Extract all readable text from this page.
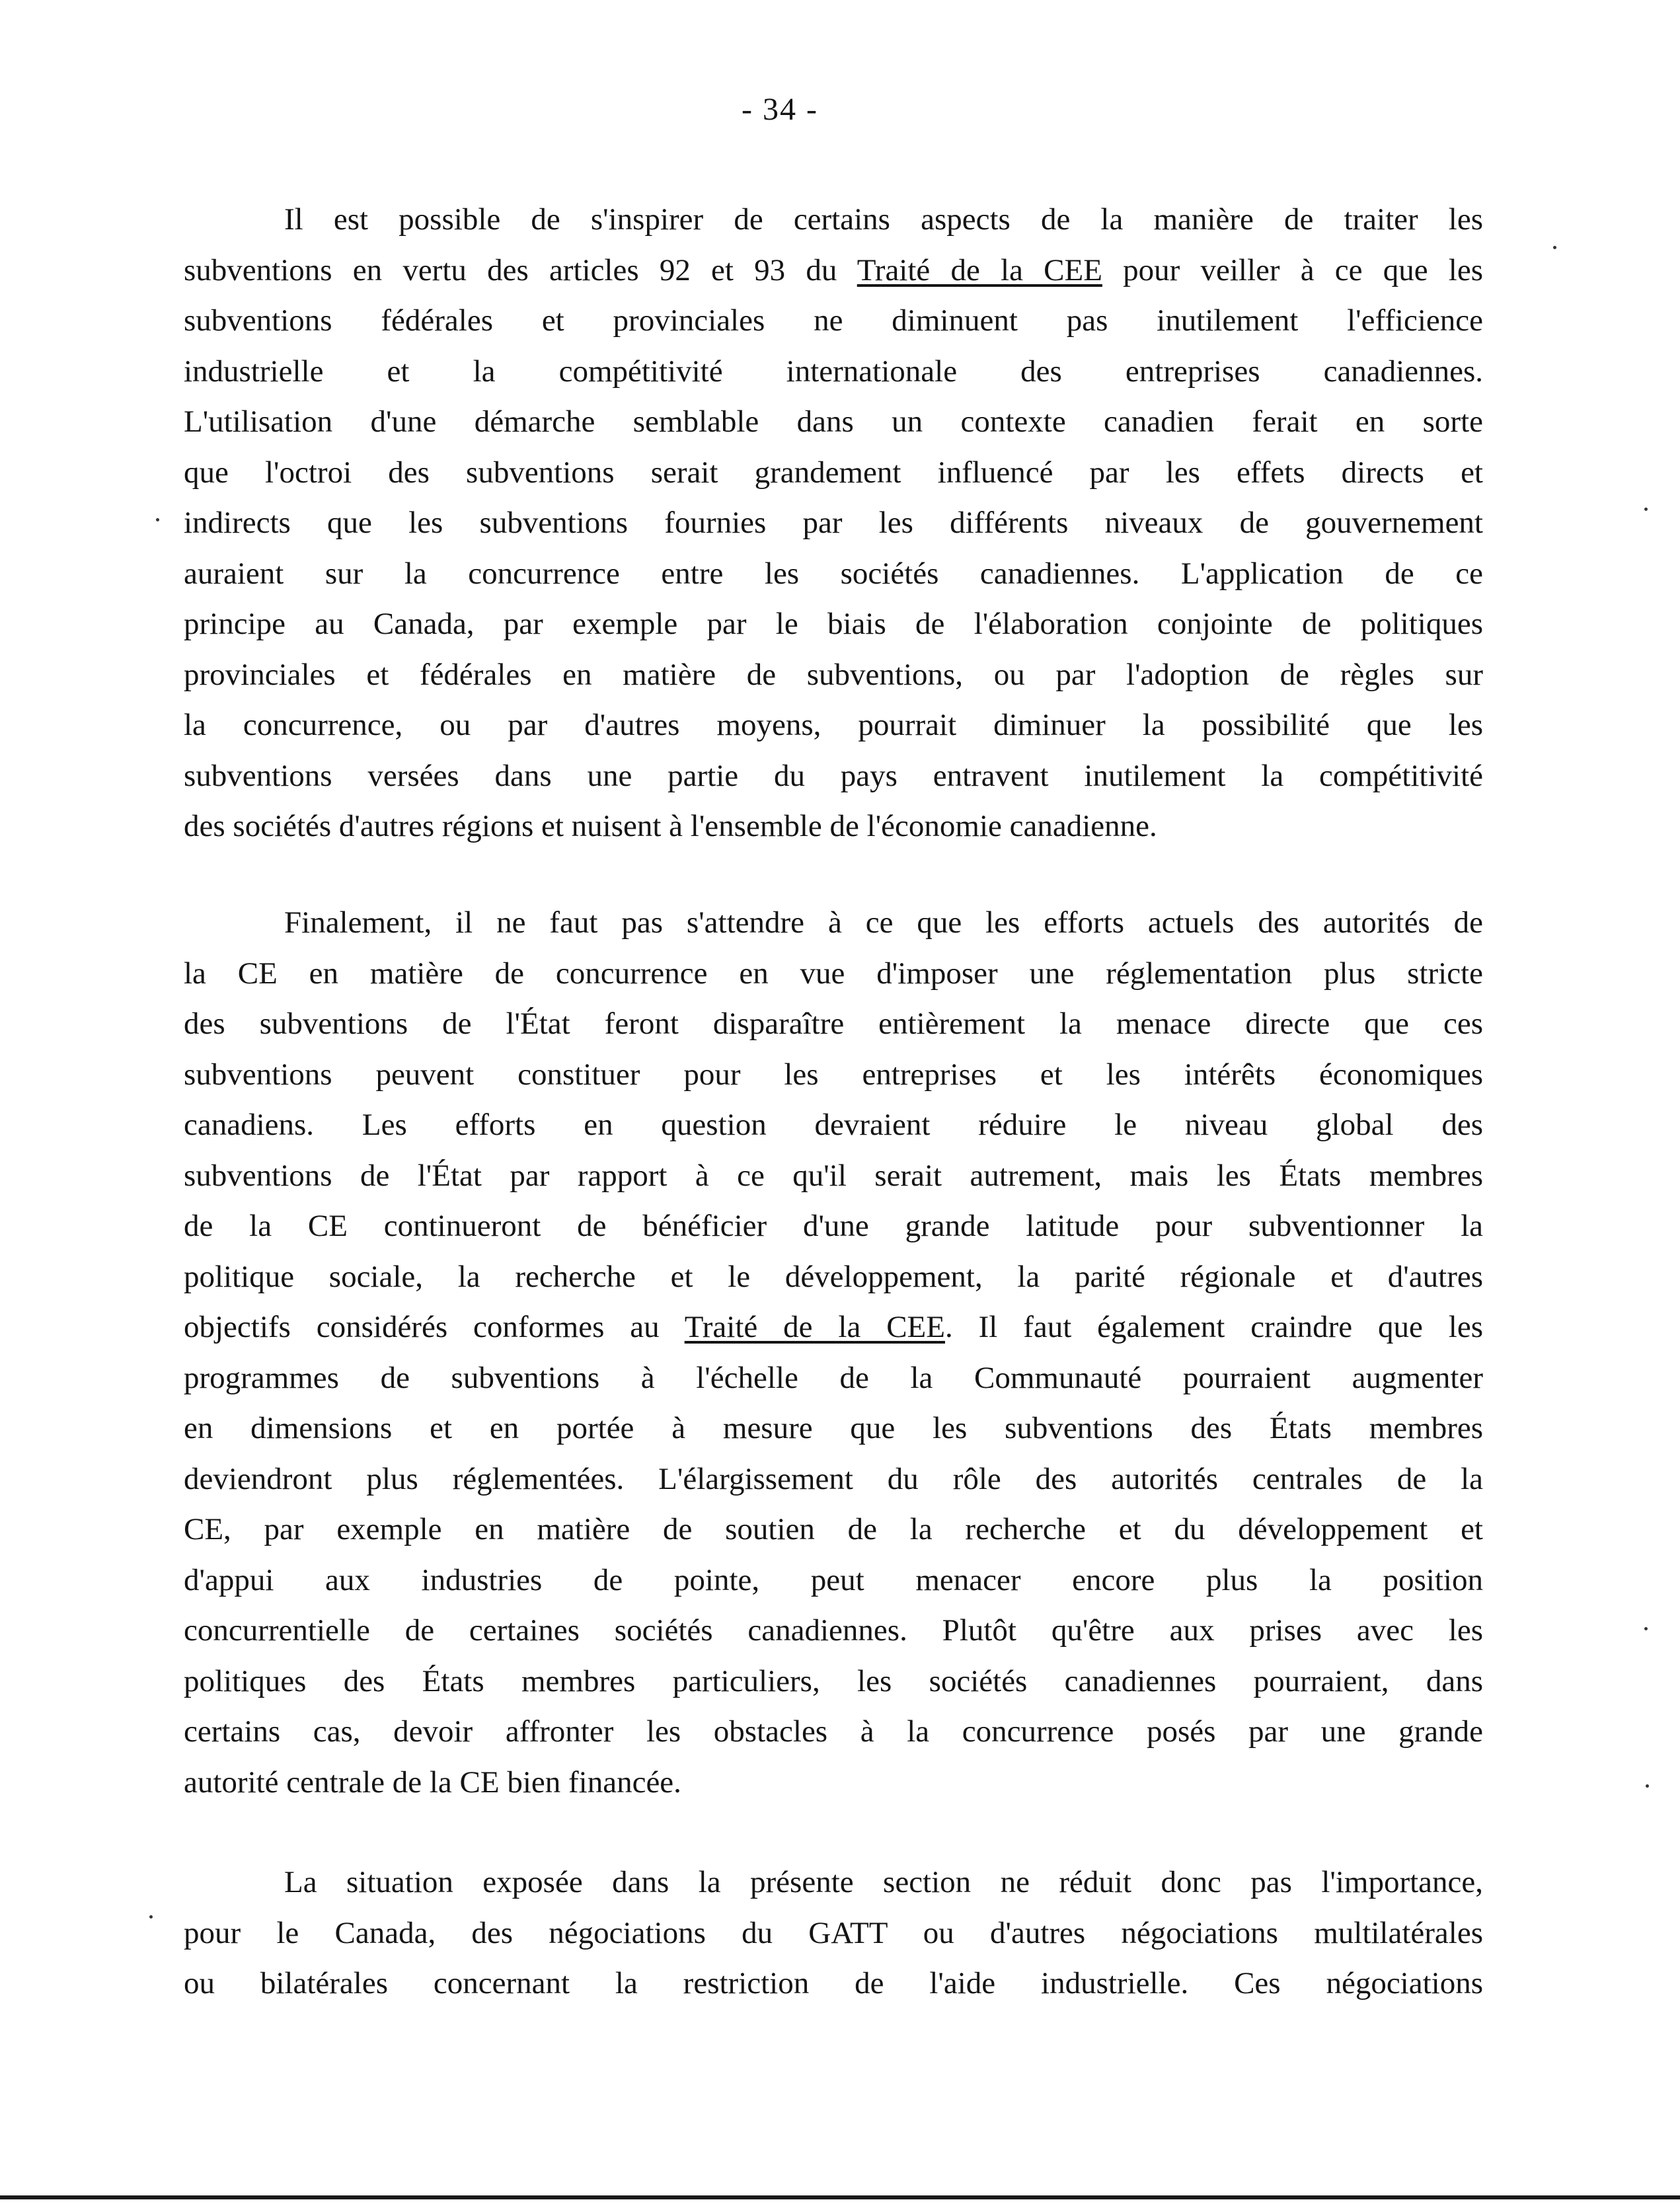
- 34 -
Il est possible de s'inspirer de certains aspects de la manière de traiter les
subventions en vertu des articles 92 et 93 du Traité de la CEE pour veiller à ce que les
subventions fédérales et provinciales ne diminuent pas inutilement l'efficience
industrielle et la compétitivité internationale des entreprises canadiennes.
L'utilisation d'une démarche semblable dans un contexte canadien ferait en sorte
que l'octroi des subventions serait grandement influencé par les effets directs et
indirects que les subventions fournies par les différents niveaux de gouvernement
auraient sur la concurrence entre les sociétés canadiennes. L'application de ce
principe au Canada, par exemple par le biais de l'élaboration conjointe de politiques
provinciales et fédérales en matière de subventions, ou par l'adoption de règles sur
la concurrence, ou par d'autres moyens, pourrait diminuer la possibilité que les
subventions versées dans une partie du pays entravent inutilement la compétitivité
des sociétés d'autres régions et nuisent à l'ensemble de l'économie canadienne.
Finalement, il ne faut pas s'attendre à ce que les efforts actuels des autorités de
la CE en matière de concurrence en vue d'imposer une réglementation plus stricte
des subventions de l'État feront disparaître entièrement la menace directe que ces
subventions peuvent constituer pour les entreprises et les intérêts économiques
canadiens. Les efforts en question devraient réduire le niveau global des
subventions de l'État par rapport à ce qu'il serait autrement, mais les États membres
de la CE continueront de bénéficier d'une grande latitude pour subventionner la
politique sociale, la recherche et le développement, la parité régionale et d'autres
objectifs considérés conformes au Traité de la CEE. Il faut également craindre que les
programmes de subventions à l'échelle de la Communauté pourraient augmenter
en dimensions et en portée à mesure que les subventions des États membres
deviendront plus réglementées. L'élargissement du rôle des autorités centrales de la
CE, par exemple en matière de soutien de la recherche et du développement et
d'appui aux industries de pointe, peut menacer encore plus la position
concurrentielle de certaines sociétés canadiennes. Plutôt qu'être aux prises avec les
politiques des États membres particuliers, les sociétés canadiennes pourraient, dans
certains cas, devoir affronter les obstacles à la concurrence posés par une grande
autorité centrale de la CE bien financée.
La situation exposée dans la présente section ne réduit donc pas l'importance,
pour le Canada, des négociations du GATT ou d'autres négociations multilatérales
ou bilatérales concernant la restriction de l'aide industrielle. Ces négociations
